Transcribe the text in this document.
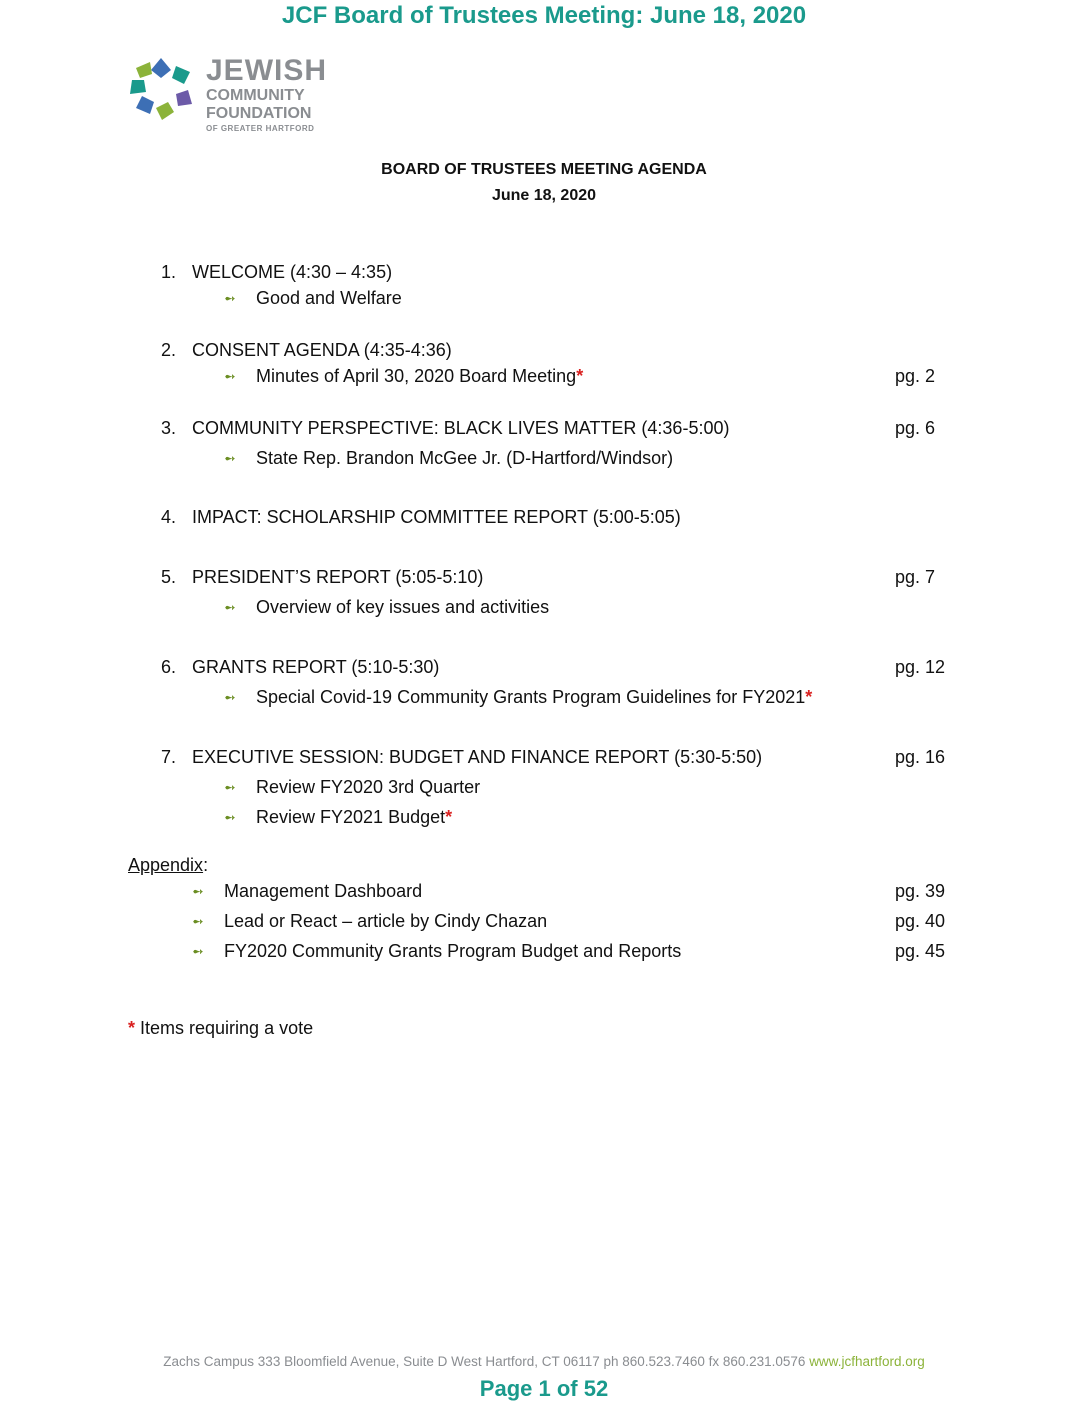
JCF Board of Trustees Meeting: June 18, 2020
JEWISH
COMMUNITY
FOUNDATION
OF GREATER HARTFORD
BOARD OF TRUSTEES MEETING AGENDA
June 18, 2020
1. WELCOME (4:30 – 4:35)
➻ Good and Welfare
2. CONSENT AGENDA (4:35-4:36)
➻ Minutes of April 30, 2020 Board Meeting*	pg. 2
3. COMMUNITY PERSPECTIVE: BLACK LIVES MATTER (4:36-5:00)	pg. 6
➻ State Rep. Brandon McGee Jr. (D-Hartford/Windsor)
4. IMPACT: SCHOLARSHIP COMMITTEE REPORT (5:00-5:05)
5. PRESIDENT’S REPORT (5:05-5:10)	pg. 7
➻ Overview of key issues and activities
6. GRANTS REPORT (5:10-5:30)	pg. 12
➻ Special Covid-19 Community Grants Program Guidelines for FY2021*
7. EXECUTIVE SESSION: BUDGET AND FINANCE REPORT (5:30-5:50)	pg. 16
➻ Review FY2020 3rd Quarter
➻ Review FY2021 Budget*
Appendix:
➻ Management Dashboard	pg. 39
➻ Lead or React – article by Cindy Chazan	pg. 40
➻ FY2020 Community Grants Program Budget and Reports	pg. 45
* Items requiring a vote
Zachs Campus 333 Bloomfield Avenue, Suite D West Hartford, CT 06117 ph 860.523.7460 fx 860.231.0576 www.jcfhartford.org
Page 1 of 52
